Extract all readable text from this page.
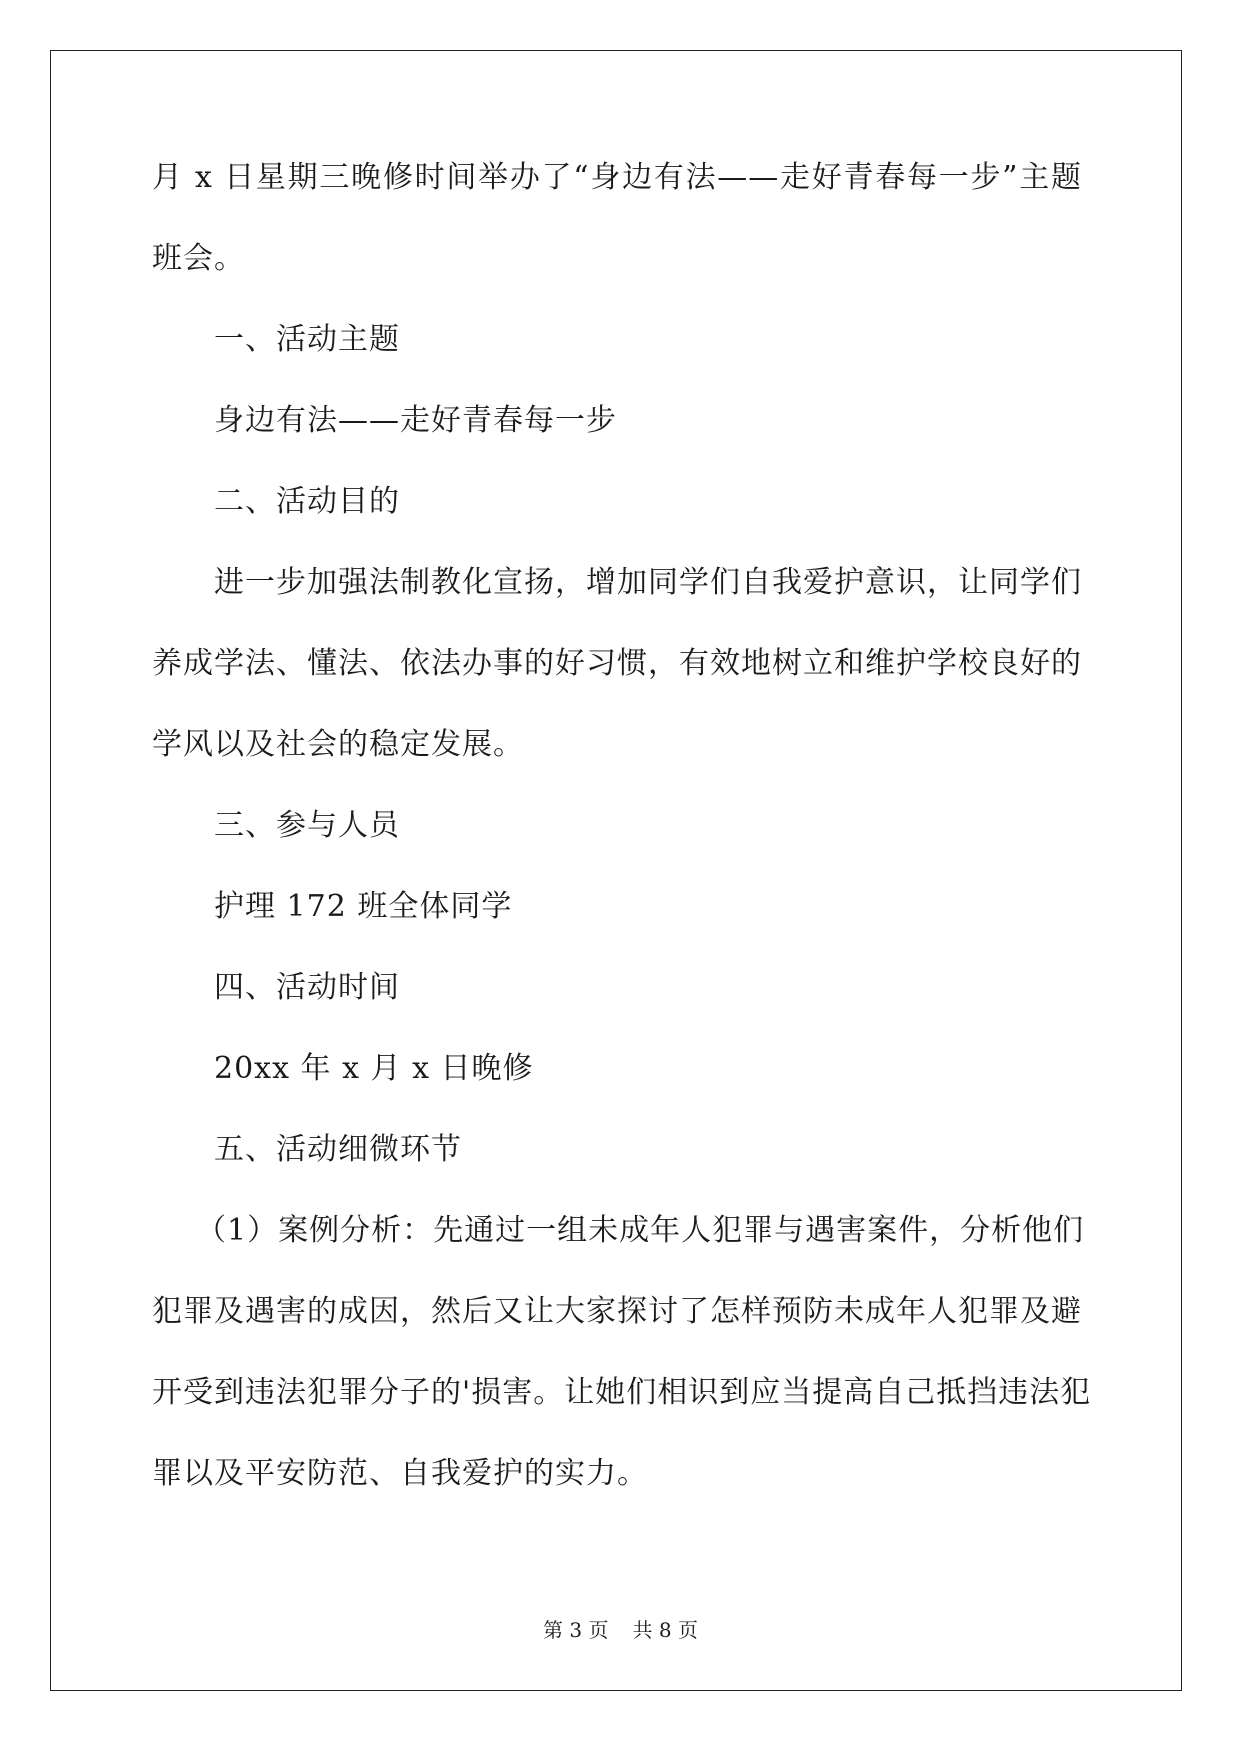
月 x 日星期三晚修时间举办了“身边有法——走好青春每一步”主题
班会。
一、活动主题
身边有法——走好青春每一步
二、活动目的
进一步加强法制教化宣扬，增加同学们自我爱护意识，让同学们
养成学法、懂法、依法办事的好习惯，有效地树立和维护学校良好的
学风以及社会的稳定发展。
三、参与人员
护理 172 班全体同学
四、活动时间
20xx 年 x 月 x 日晚修
五、活动细微环节
（1）案例分析：先通过一组未成年人犯罪与遇害案件，分析他们
犯罪及遇害的成因，然后又让大家探讨了怎样预防未成年人犯罪及避
开受到违法犯罪分子的'损害。让她们相识到应当提高自己抵挡违法犯
罪以及平安防范、自我爱护的实力。
第 3 页 共 8 页
